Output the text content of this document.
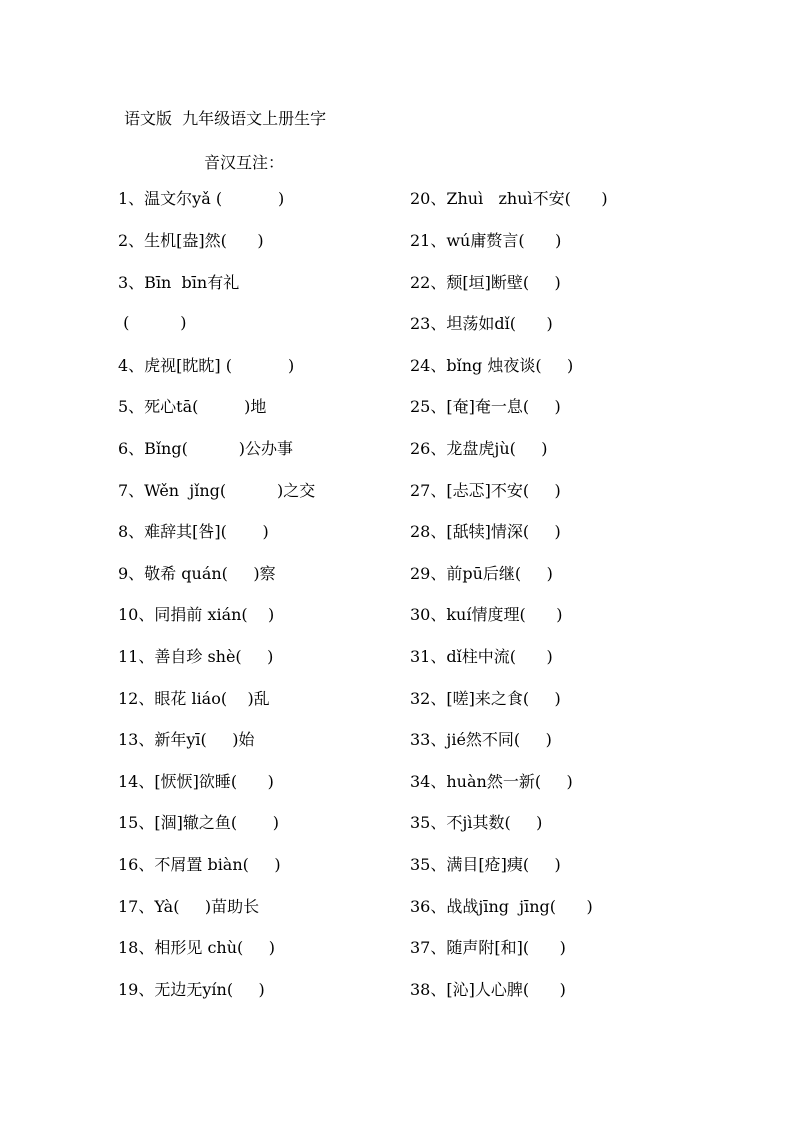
语文版  九年级语文上册生字
音汉互注：
1、温文尔yǎ (           )
2、生机[盎]然(      )
3、Bīn  bīn有礼
(          )
4、虎视[眈眈] (           )
5、死心tā(         )地
6、Bǐng(          )公办事
7、Wěn  jǐng(          )之交
8、难辞其[咎](       )
9、敬希 quán(     )察
10、同捐前 xián(    )
11、善自珍 shè(     )
12、眼花 liáo(    )乱
13、新年yī(     )始
14、[恹恹]欲睡(      )
15、[涸]辙之鱼(       )
16、不屑置 biàn(     )
17、Yà(     )苗助长
18、相形见 chù(     )
19、无边无yín(     )
20、Zhuì   zhuì不安(      )
21、wú庸赘言(      )
22、颓[垣]断壁(     )
23、坦荡如dǐ(      )
24、bǐng 烛夜谈(     )
25、[奄]奄一息(     )
26、龙盘虎jù(     )
27、[忐忑]不安(     )
28、[舐犊]情深(     )
29、前pū后继(     )
30、kuí情度理(      )
31、dǐ柱中流(      )
32、[嗟]来之食(     )
33、jié然不同(     )
34、huàn然一新(     )
35、不jì其数(     )
35、满目[疮]痍(     )
36、战战jīng  jīng(      )
37、随声附[和](      )
38、[沁]人心脾(      )
